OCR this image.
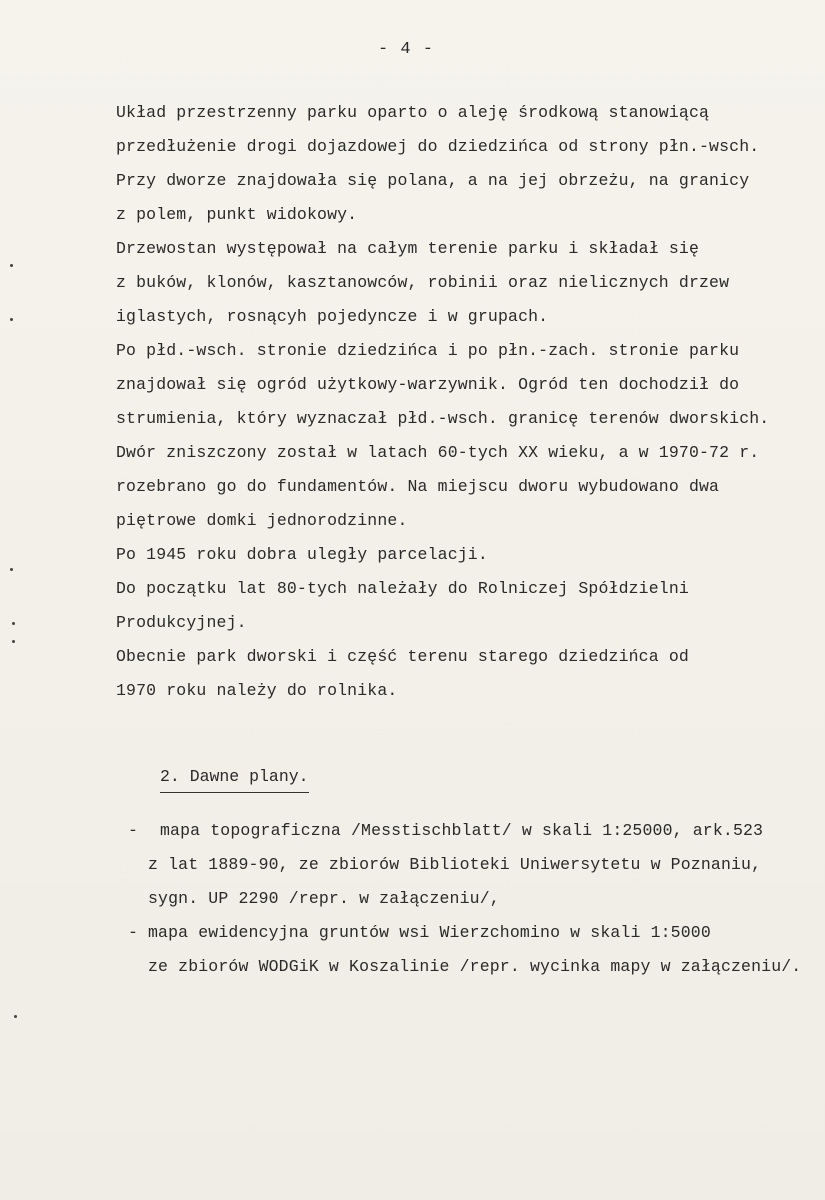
- 4 -
Układ przestrzenny parku oparto o aleję środkową stanowiącą
przedłużenie drogi dojazdowej do dziedzińca od strony płn.-wsch.
Przy dworze znajdowała się polana, a na jej obrzeżu, na granicy
z polem, punkt widokowy.
Drzewostan występował na całym terenie parku i składał się
z buków, klonów, kasztanowców, robinii oraz nielicznych drzew
iglastych, rosnącyh pojedyncze i w grupach.
Po płd.-wsch. stronie dziedzińca i po płn.-zach. stronie parku
znajdował się ogród użytkowy-warzywnik. Ogród ten dochodził do
strumienia, który wyznaczał płd.-wsch. granicę terenów dworskich.
Dwór zniszczony został w latach 60-tych XX wieku, a w 1970-72 r.
rozebrano go do fundamentów. Na miejscu dworu wybudowano dwa
piętrowe domki jednorodzinne.
Po 1945 roku dobra uległy parcelacji.
Do początku lat 80-tych należały do Rolniczej Spółdzielni
Produkcyjnej.
Obecnie park dworski i część terenu starego dziedzińca od
1970 roku należy do rolnika.
2. Dawne plany.
- mapa topograficzna /Messtischblatt/ w skali 1:25000, ark.523
z lat 1889-90, ze zbiorów Biblioteki Uniwersytetu w Poznaniu,
sygn. UP 2290 /repr. w załączeniu/,
- mapa ewidencyjna gruntów wsi Wierzchomino w skali 1:5000
ze zbiorów WODGiK w Koszalinie /repr. wycinka mapy w załączeniu/.
